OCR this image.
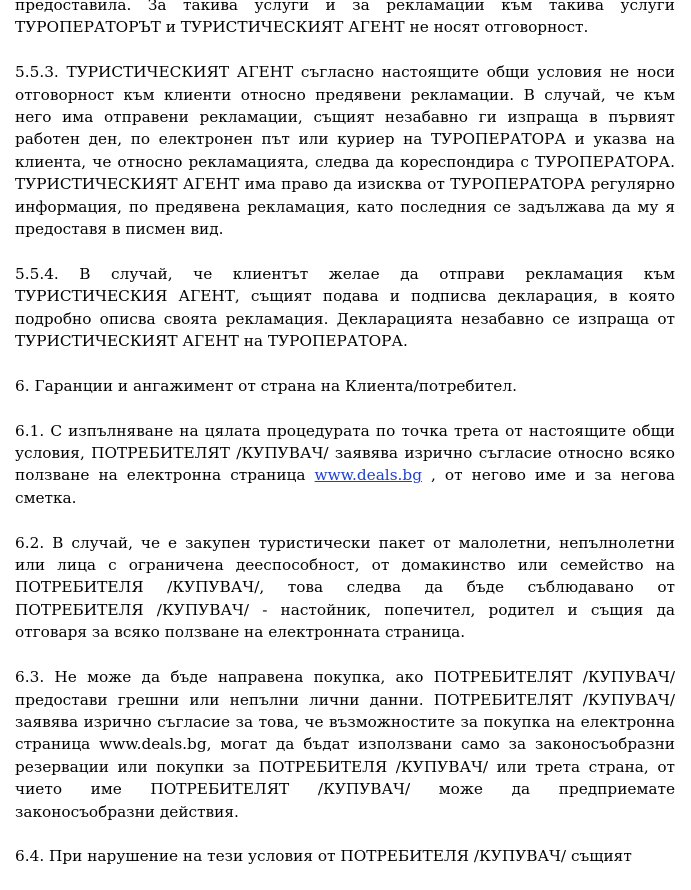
предоставила. За такива услуги и за рекламации към такива услуги ТУРОПЕРАТОРЪТ и ТУРИСТИЧЕСКИЯТ АГЕНТ не носят отговорност.

5.5.3. ТУРИСТИЧЕСКИЯТ АГЕНТ съгласно настоящите общи условия не носи отговорност към клиенти относно предявени рекламации. В случай, че към него има отправени рекламации, същият незабавно ги изпраща в първият работен ден, по електронен път или куриер на ТУРОПЕРАТОРА и указва на клиента, че относно рекламацията, следва да кореспондира с ТУРОПЕРАТОРА. ТУРИСТИЧЕСКИЯТ АГЕНТ има право да изисква от ТУРОПЕРАТОРА регулярно информация, по предявена рекламация, като последния се задължава да му я предоставя в писмен вид.

5.5.4. В случай, че клиентът желае да отправи рекламация към ТУРИСТИЧЕСКИЯ АГЕНТ, същият подава и подписва декларация, в която подробно описва своята рекламация. Декларацията незабавно се изпраща от ТУРИСТИЧЕСКИЯТ АГЕНТ на ТУРОПЕРАТОРА.

6. Гаранции и ангажимент от страна на Клиента/потребител.

6.1. С изпълняване на цялата процедурата по точка трета от настоящите общи условия, ПОТРЕБИТЕЛЯТ /КУПУВАЧ/ заявява изрично съгласие относно всяко ползване на електронна страница www.deals.bg , от негово име и за негова сметка.

6.2. В случай, че е закупен туристически пакет от малолетни, непълнолетни или лица с ограничена дееспособност, от домакинство или семейство на ПОТРЕБИТЕЛЯ /КУПУВАЧ/, това следва да бъде съблюдавано от ПОТРЕБИТЕЛЯ /КУПУВАЧ/ - настойник, попечител, родител и същия да отговаря за всяко ползване на електронната страница.

6.3. Не може да бъде направена покупка, ако ПОТРЕБИТЕЛЯТ /КУПУВАЧ/ предостави грешни или непълни лични данни. ПОТРЕБИТЕЛЯТ /КУПУВАЧ/ заявява изрично съгласие за това, че възможностите за покупка на електронна страница www.deals.bg, могат да бъдат използвани само за законосъобразни резервации или покупки за ПОТРЕБИТЕЛЯ /КУПУВАЧ/ или трета страна, от чието име ПОТРЕБИТЕЛЯТ /КУПУВАЧ/ може да предприемате законосъобразни действия.

6.4. При нарушение на тези условия от ПОТРЕБИТЕЛЯ /КУПУВАЧ/ същият
